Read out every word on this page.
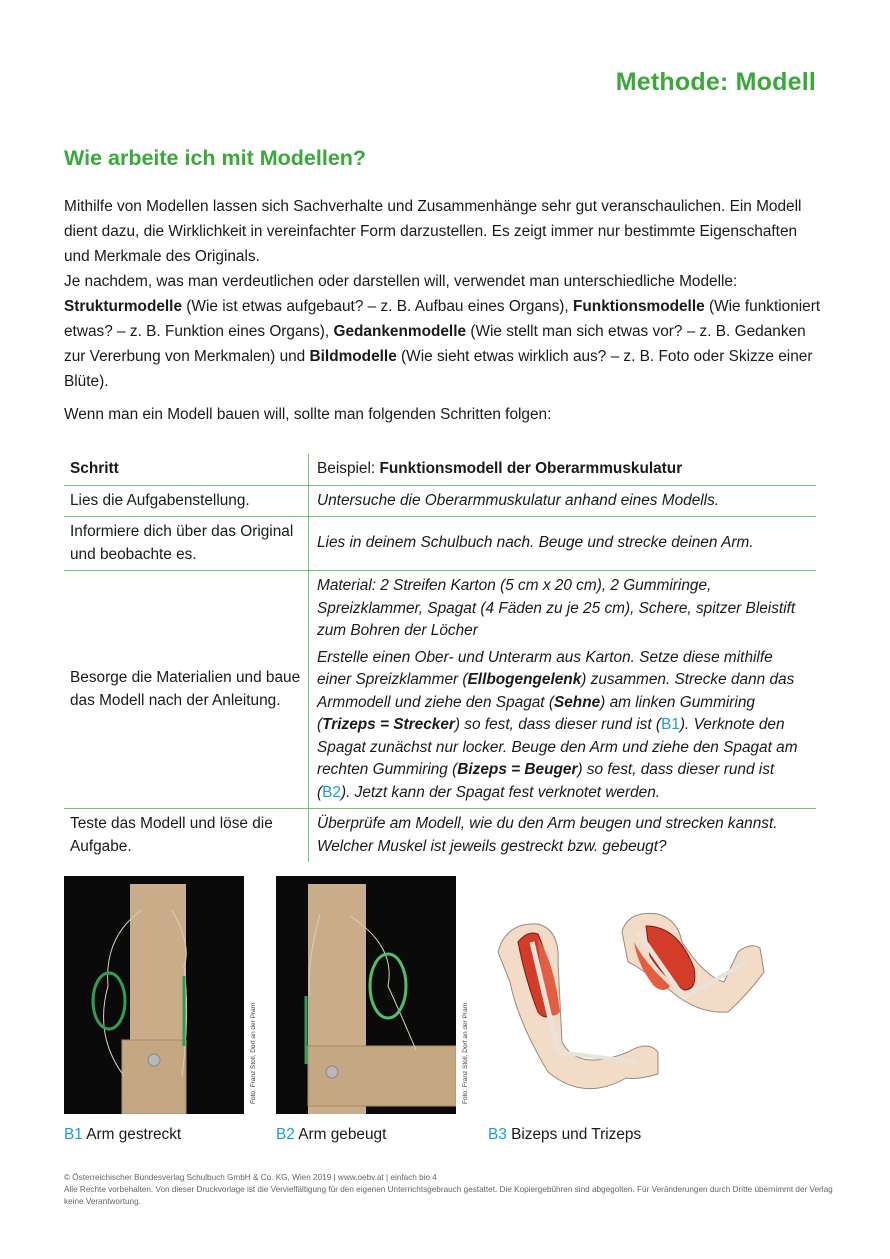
Methode: Modell
Wie arbeite ich mit Modellen?

Mithilfe von Modellen lassen sich Sachverhalte und Zusammenhänge sehr gut veranschaulichen. Ein Modell dient dazu, die Wirklichkeit in vereinfachter Form darzustellen. Es zeigt immer nur bestimmte Eigenschaften und Merkmale des Originals.

Je nachdem, was man verdeutlichen oder darstellen will, verwendet man unterschiedliche Modelle:
Strukturmodelle (Wie ist etwas aufgebaut? – z. B. Aufbau eines Organs), Funktionsmodelle (Wie funktioniert etwas? – z. B. Funktion eines Organs), Gedankenmodelle (Wie stellt man sich etwas vor? – z. B. Gedanken zur Vererbung von Merkmalen) und Bildmodelle (Wie sieht etwas wirklich aus? – z. B. Foto oder Skizze einer Blüte).

Wenn man ein Modell bauen will, sollte man folgenden Schritten folgen:
Schritt	Beispiel: Funktionsmodell der Oberarmmuskulatur
Lies die Aufgabenstellung.	Untersuche die Oberarmmuskulatur anhand eines Modells.
Informiere dich über das Original und beobachte es.	Lies in deinem Schulbuch nach. Beuge und strecke deinen Arm.
Besorge die Materialien und baue das Modell nach der Anleitung.	Material: 2 Streifen Karton (5 cm x 20 cm), 2 Gummiringe, Spreizklammer, Spagat (4 Fäden zu je 25 cm), Schere, spitzer Bleistift zum Bohren der Löcher
Erstelle einen Ober- und Unterarm aus Karton. Setze diese mithilfe einer Spreizklammer (Ellbogengelenk) zusammen. Strecke dann das Armmodell und ziehe den Spagat (Sehne) am linken Gummiring (Trizeps = Strecker) so fest, dass dieser rund ist (B1). Verknote den Spagat zunächst nur locker. Beuge den Arm und ziehe den Spagat am rechten Gummiring (Bizeps = Beuger) so fest, dass dieser rund ist (B2). Jetzt kann der Spagat fest verknotet werden.

Teste das Modell und löse die Aufgabe.	Überprüfe am Modell, wie du den Arm beugen und strecken kannst. Welcher Muskel ist jeweils gestreckt bzw. gebeugt?
Foto: Franz Stoll, Dorf an der Pram	Foto: Franz Stoll, Dorf an der Pram
B1 Arm gestreckt	B2 Arm gebeugt	B3 Bizeps und Trizeps

© Österreichischer Bundesverlag Schulbuch GmbH & Co. KG, Wien 2019 | www.oebv.at | einfach bio 4

Alle Rechte vorbehalten. Von dieser Druckvorlage ist die Vervielfältigung für den eigenen Unterrichtsgebrauch gestattet. Die Kopiergebühren sind abgegolten. Für Veränderungen durch Dritte übernimmt der Verlag keine Verantwortung.
